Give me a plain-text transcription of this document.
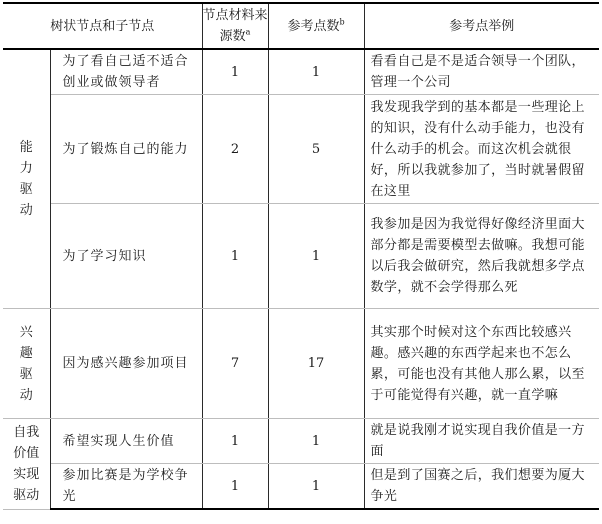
树状节点和子节点		节点材料来源数$^a$	参考点数$^b$	参考点举例
能力驱动	为了看自己适不适合创业或做领导者	1	1	看看自己是不是适合领导一个团队，管理一个公司
	为了锻炼自己的能力	2	5	我发现我学到的基本都是一些理论上的知识，没有什么动手能力，也没有什么动手的机会。而这次机会就很好，所以我就参加了，当时就暑假留在这里
	为了学习知识	1	1	我参加是因为我觉得好像经济里面大部分都是需要模型去做嘛。我想可能以后我会做研究，然后我就想多学点数学，就不会学得那么死
兴趣驱动	因为感兴趣参加项目	7	17	其实那个时候对这个东西比较感兴趣。感兴趣的东西学起来也不怎么累，可能也没有其他人那么累，以至于可能觉得有兴趣，就一直学嘛
自我价值实现驱动	希望实现人生价值	1	1	就是说我刚才说实现自我价值是一方面
	参加比赛是为学校争光	1	1	但是到了国赛之后，我们想要为厦大争光
